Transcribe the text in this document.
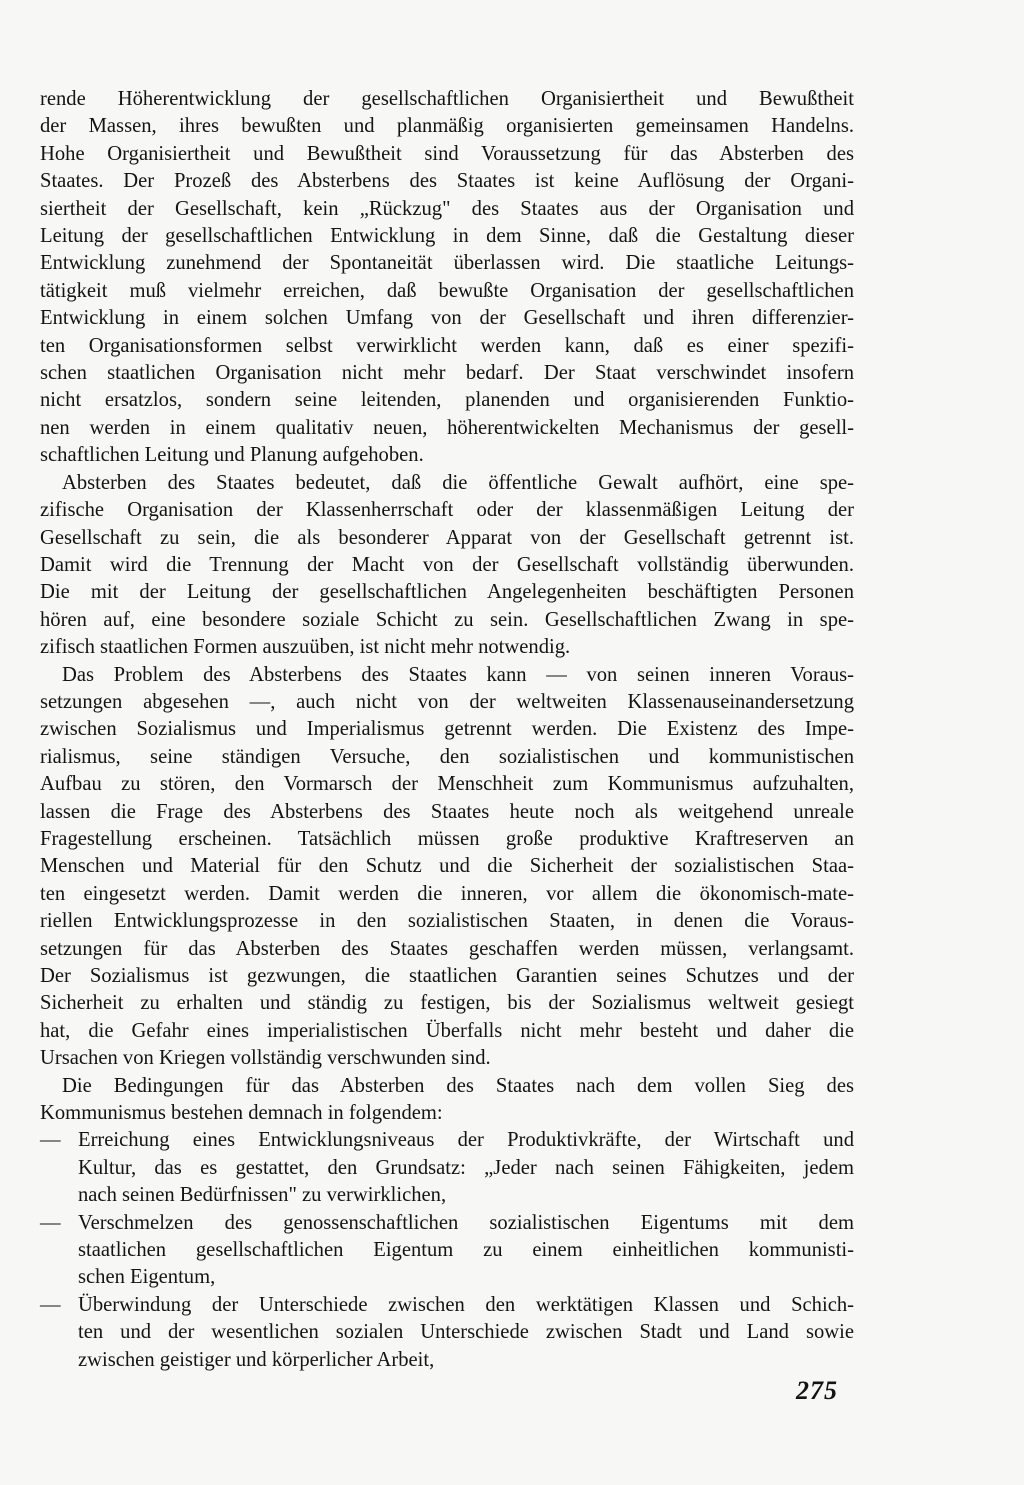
rende Höherentwicklung der gesellschaftlichen Organisiertheit und Bewußtheit
der Massen, ihres bewußten und planmäßig organisierten gemeinsamen Handelns.
Hohe Organisiertheit und Bewußtheit sind Voraussetzung für das Absterben des
Staates. Der Prozeß des Absterbens des Staates ist keine Auflösung der Organi-
siertheit der Gesellschaft, kein „Rückzug" des Staates aus der Organisation und
Leitung der gesellschaftlichen Entwicklung in dem Sinne, daß die Gestaltung dieser
Entwicklung zunehmend der Spontaneität überlassen wird. Die staatliche Leitungs-
tätigkeit muß vielmehr erreichen, daß bewußte Organisation der gesellschaftlichen
Entwicklung in einem solchen Umfang von der Gesellschaft und ihren differenzier-
ten Organisationsformen selbst verwirklicht werden kann, daß es einer spezifi-
schen staatlichen Organisation nicht mehr bedarf. Der Staat verschwindet insofern
nicht ersatzlos, sondern seine leitenden, planenden und organisierenden Funktio-
nen werden in einem qualitativ neuen, höherentwickelten Mechanismus der gesell-
schaftlichen Leitung und Planung aufgehoben.
Absterben des Staates bedeutet, daß die öffentliche Gewalt aufhört, eine spe-
zifische Organisation der Klassenherrschaft oder der klassenmäßigen Leitung der
Gesellschaft zu sein, die als besonderer Apparat von der Gesellschaft getrennt ist.
Damit wird die Trennung der Macht von der Gesellschaft vollständig überwunden.
Die mit der Leitung der gesellschaftlichen Angelegenheiten beschäftigten Personen
hören auf, eine besondere soziale Schicht zu sein. Gesellschaftlichen Zwang in spe-
zifisch staatlichen Formen auszuüben, ist nicht mehr notwendig.
Das Problem des Absterbens des Staates kann — von seinen inneren Voraus-
setzungen abgesehen —, auch nicht von der weltweiten Klassenauseinandersetzung
zwischen Sozialismus und Imperialismus getrennt werden. Die Existenz des Impe-
rialismus, seine ständigen Versuche, den sozialistischen und kommunistischen
Aufbau zu stören, den Vormarsch der Menschheit zum Kommunismus aufzuhalten,
lassen die Frage des Absterbens des Staates heute noch als weitgehend unreale
Fragestellung erscheinen. Tatsächlich müssen große produktive Kraftreserven an
Menschen und Material für den Schutz und die Sicherheit der sozialistischen Staa-
ten eingesetzt werden. Damit werden die inneren, vor allem die ökonomisch-mate-
riellen Entwicklungsprozesse in den sozialistischen Staaten, in denen die Voraus-
setzungen für das Absterben des Staates geschaffen werden müssen, verlangsamt.
Der Sozialismus ist gezwungen, die staatlichen Garantien seines Schutzes und der
Sicherheit zu erhalten und ständig zu festigen, bis der Sozialismus weltweit gesiegt
hat, die Gefahr eines imperialistischen Überfalls nicht mehr besteht und daher die
Ursachen von Kriegen vollständig verschwunden sind.
Die Bedingungen für das Absterben des Staates nach dem vollen Sieg des
Kommunismus bestehen demnach in folgendem:
— Erreichung eines Entwicklungsniveaus der Produktivkräfte, der Wirtschaft und
Kultur, das es gestattet, den Grundsatz: „Jeder nach seinen Fähigkeiten, jedem
nach seinen Bedürfnissen" zu verwirklichen,
— Verschmelzen des genossenschaftlichen sozialistischen Eigentums mit dem
staatlichen gesellschaftlichen Eigentum zu einem einheitlichen kommunisti-
schen Eigentum,
— Überwindung der Unterschiede zwischen den werktätigen Klassen und Schich-
ten und der wesentlichen sozialen Unterschiede zwischen Stadt und Land sowie
zwischen geistiger und körperlicher Arbeit,
275
